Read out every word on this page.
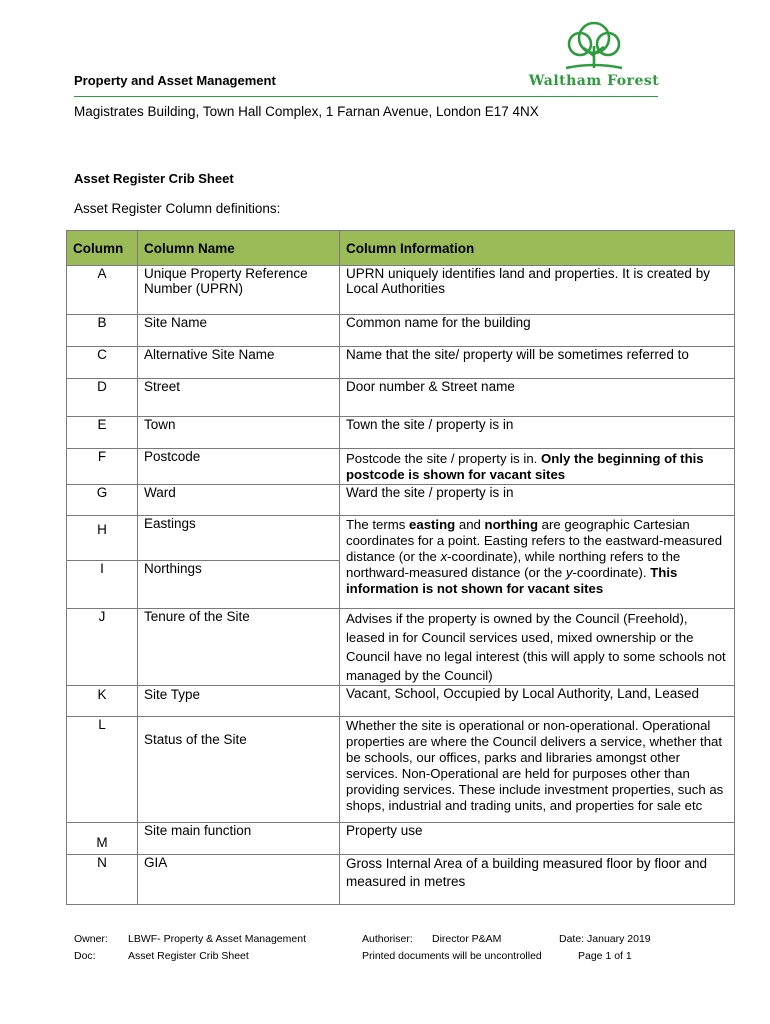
Waltham Forest
Property and Asset Management
Magistrates Building, Town Hall Complex, 1 Farnan Avenue, London E17 4NX
Asset Register Crib Sheet
Asset Register Column definitions:
Column	Column Name	Column Information
A	Unique Property Reference Number (UPRN)	UPRN uniquely identifies land and properties. It is created by Local Authorities
B	Site Name	Common name for the building
C	Alternative Site Name	Name that the site/ property will be sometimes referred to
D	Street	Door number & Street name
E	Town	Town the site / property is in
F	Postcode	Postcode the site / property is in. Only the beginning of this postcode is shown for vacant sites
G	Ward	Ward the site / property is in
H	Eastings	The terms easting and northing are geographic Cartesian coordinates for a point. Easting refers to the eastward-measured distance (or the x-coordinate), while northing refers to the northward-measured distance (or the y-coordinate). This information is not shown for vacant sites
I	Northings	
J	Tenure of the Site	Advises if the property is owned by the Council (Freehold), leased in for Council services used, mixed ownership or the Council have no legal interest (this will apply to some schools not managed by the Council)
K	Site Type	Vacant, School, Occupied by Local Authority, Land, Leased
L	Status of the Site	Whether the site is operational or non-operational. Operational properties are where the Council delivers a service, whether that be schools, our offices, parks and libraries amongst other services. Non-Operational are held for purposes other than providing services. These include investment properties, such as shops, industrial and trading units, and properties for sale etc
M	Site main function	Property use
N	GIA	Gross Internal Area of a building measured floor by floor and measured in metres
Owner: LBWF- Property & Asset Management	Authoriser: Director P&AM	Date: January 2019
Doc:	Asset Register Crib Sheet	Printed documents will be uncontrolled	Page 1 of 1
